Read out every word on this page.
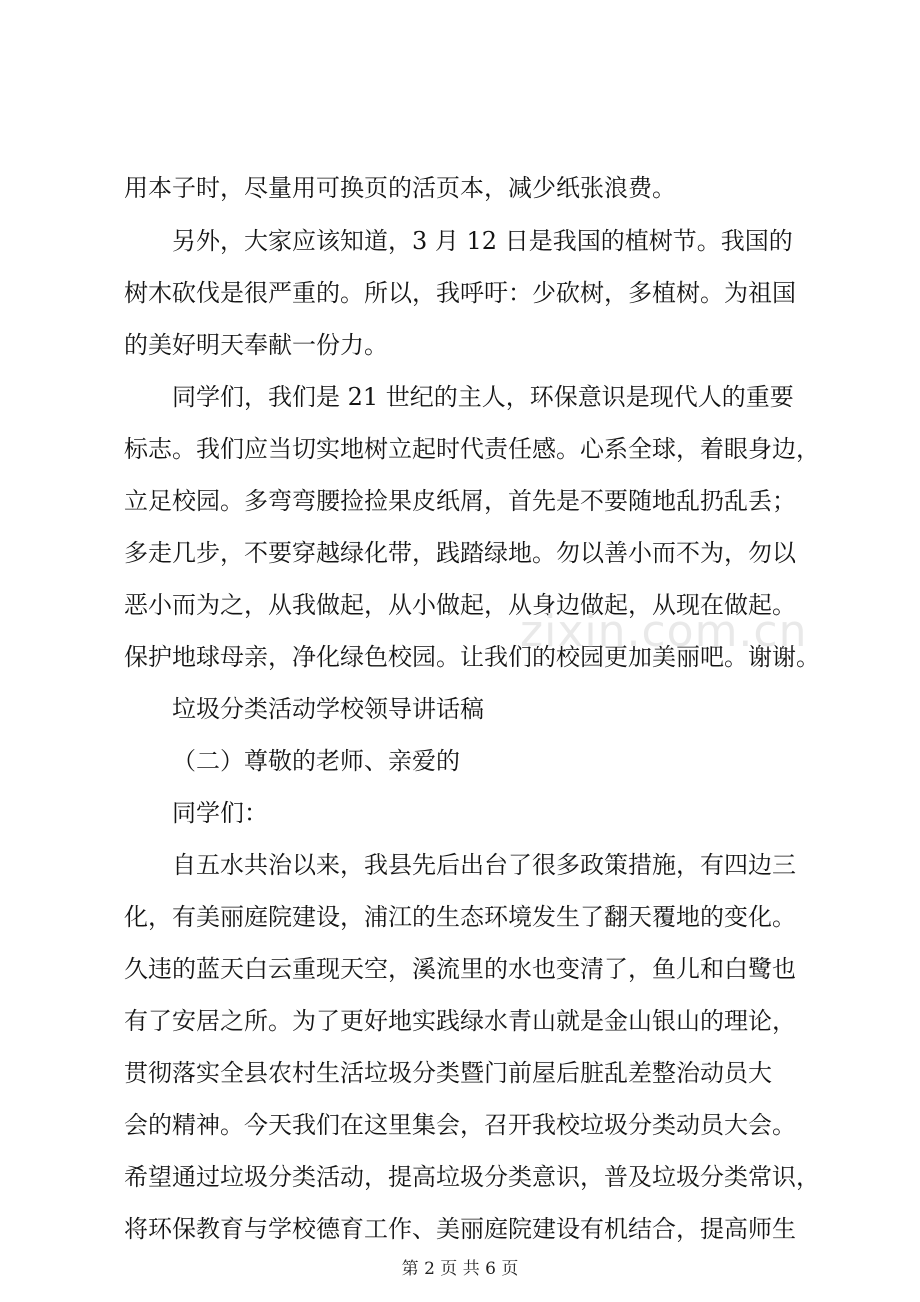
用本子时，尽量用可换页的活页本，减少纸张浪费。
另外，大家应该知道，3 月 12 日是我国的植树节。我国的
树木砍伐是很严重的。所以，我呼吁：少砍树，多植树。为祖国
的美好明天奉献一份力。
同学们，我们是 21 世纪的主人，环保意识是现代人的重要
标志。我们应当切实地树立起时代责任感。心系全球，着眼身边，
立足校园。多弯弯腰捡捡果皮纸屑，首先是不要随地乱扔乱丢；
多走几步，不要穿越绿化带，践踏绿地。勿以善小而不为，勿以
恶小而为之，从我做起，从小做起，从身边做起，从现在做起。
保护地球母亲，净化绿色校园。让我们的校园更加美丽吧。谢谢。
zixin.com.cn
垃圾分类活动学校领导讲话稿
（二）尊敬的老师、亲爱的
同学们：
自五水共治以来，我县先后出台了很多政策措施，有四边三
化，有美丽庭院建设，浦江的生态环境发生了翻天覆地的变化。
久违的蓝天白云重现天空，溪流里的水也变清了，鱼儿和白鹭也
有了安居之所。为了更好地实践绿水青山就是金山银山的理论，
贯彻落实全县农村生活垃圾分类暨门前屋后脏乱差整治动员大
会的精神。今天我们在这里集会，召开我校垃圾分类动员大会。
希望通过垃圾分类活动，提高垃圾分类意识，普及垃圾分类常识，
将环保教育与学校德育工作、美丽庭院建设有机结合，提高师生
第 2 页 共 6 页
